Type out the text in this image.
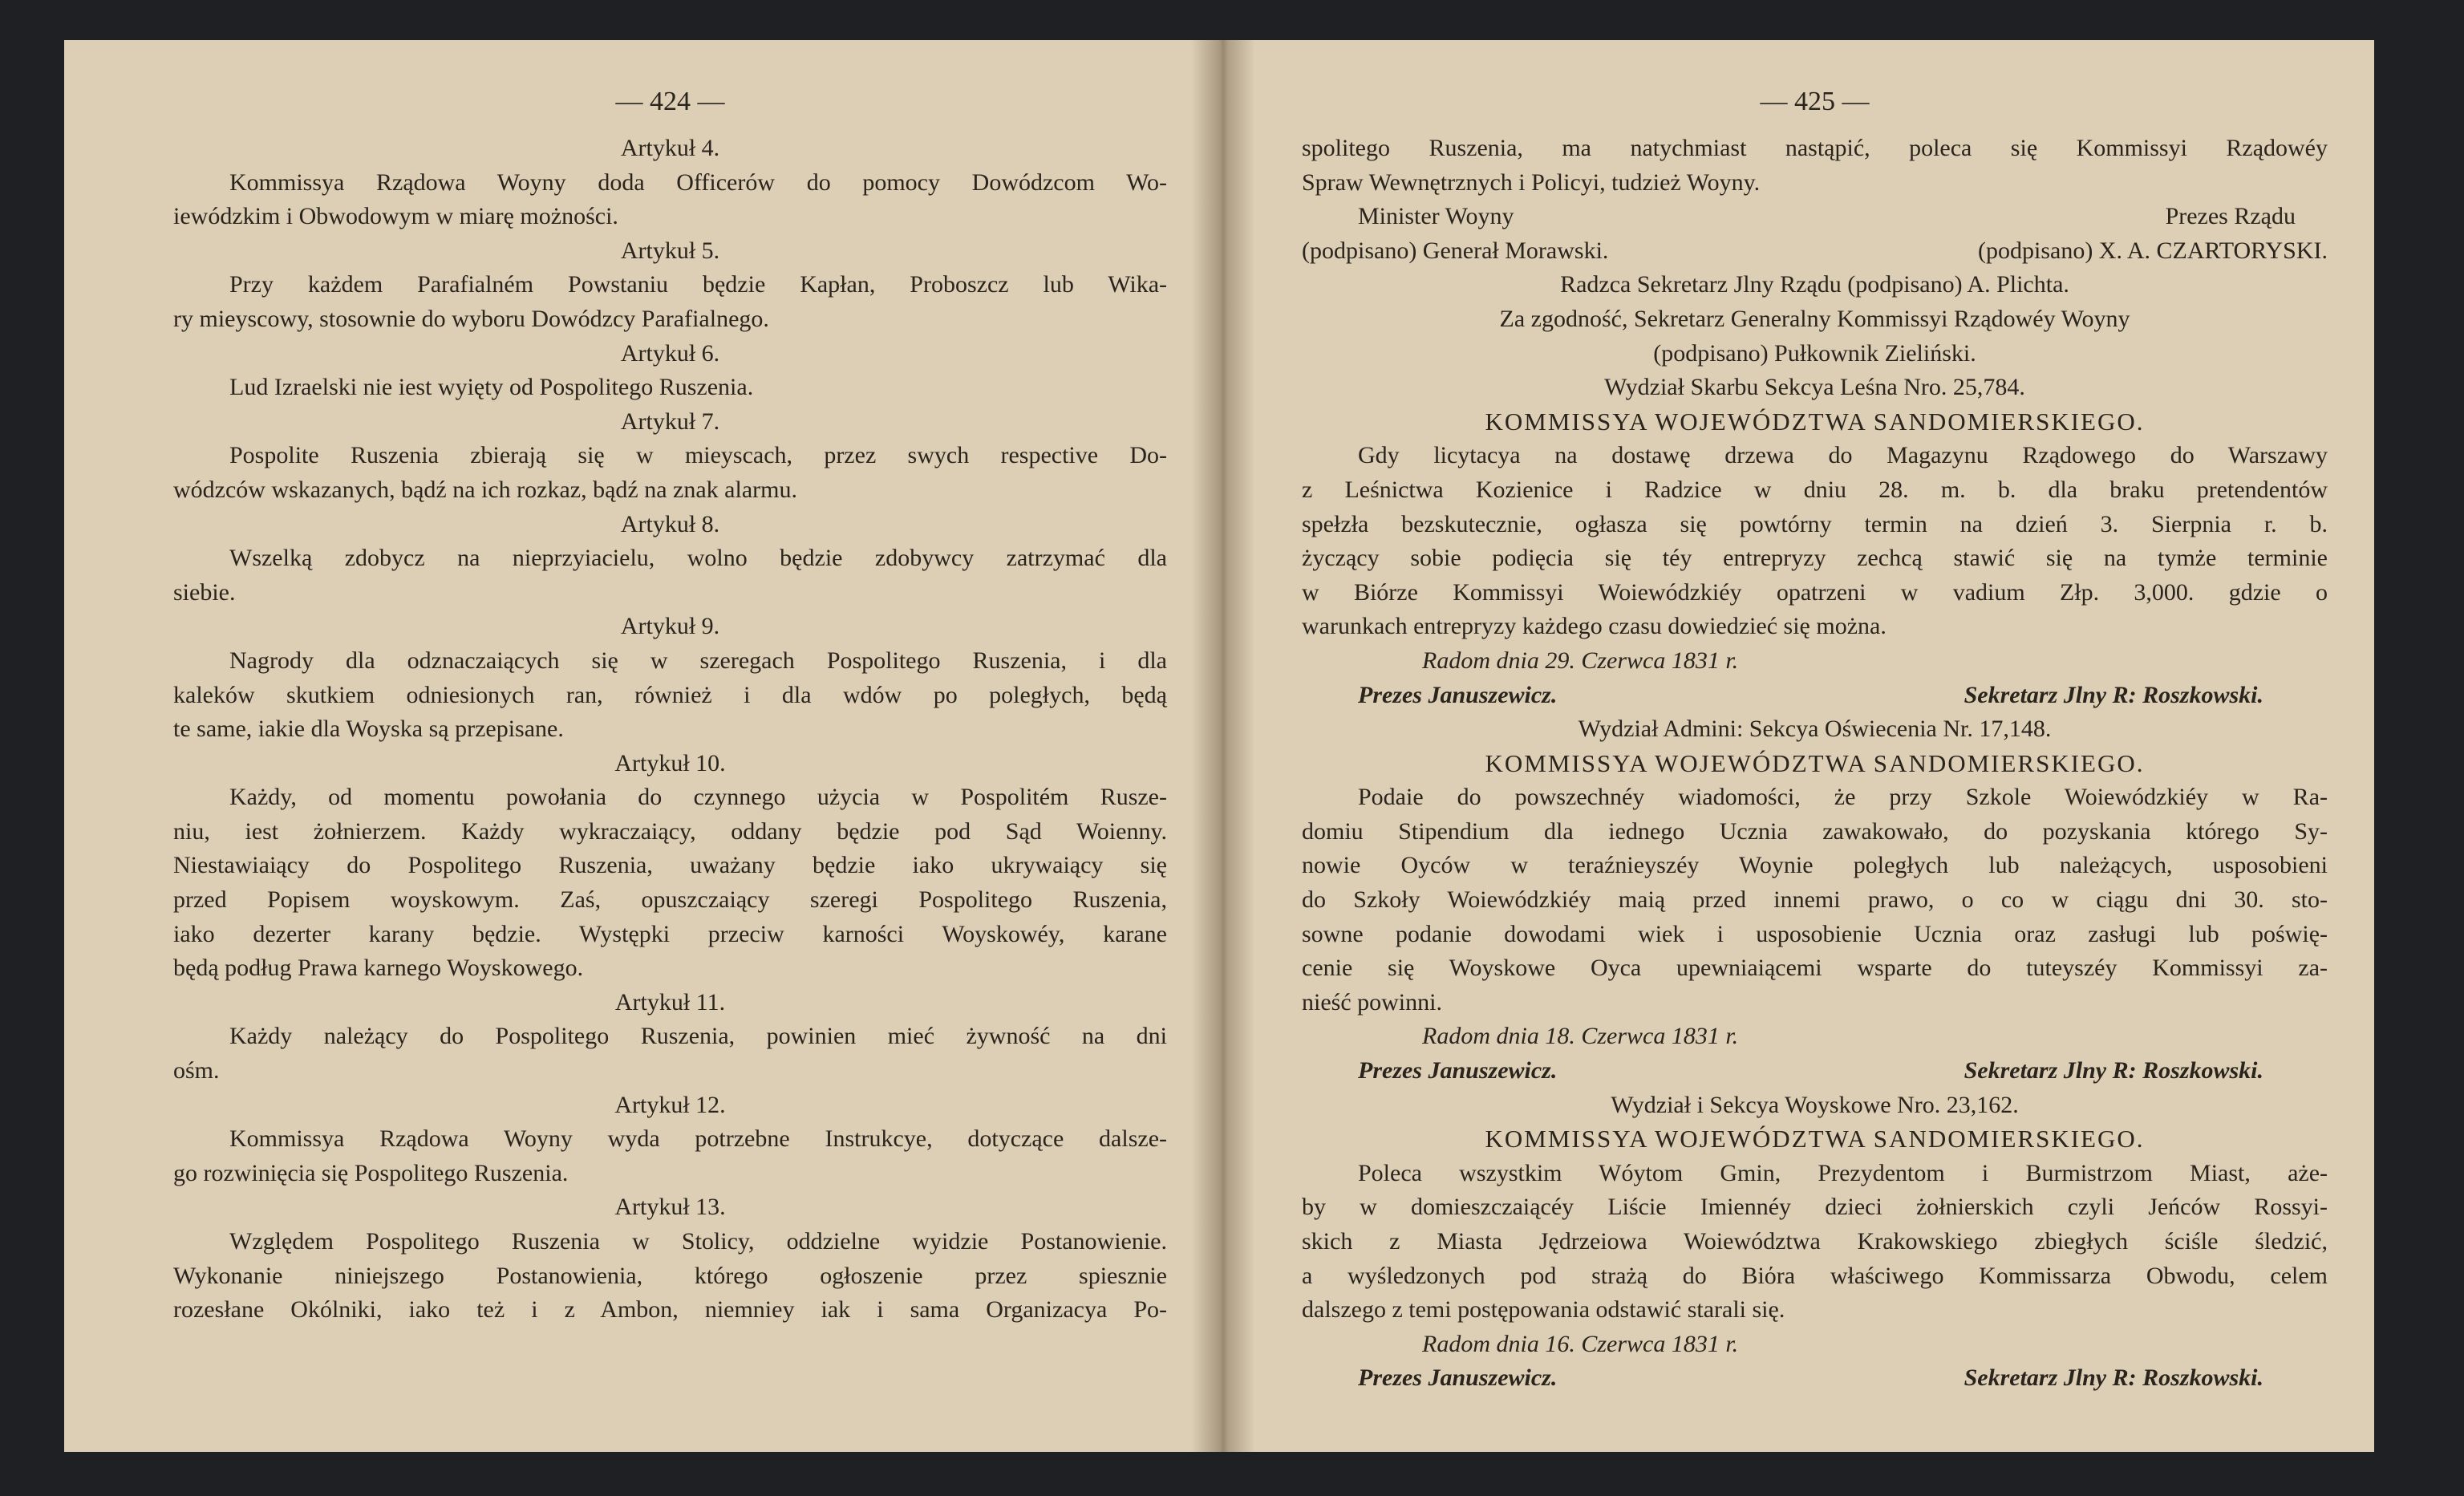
— 424 —
Artykuł 4.
Kommissya Rządowa Woyny doda Officerów do pomocy Dowódzcom Wo-
iewódzkim i Obwodowym w miarę możności.
Artykuł 5.
Przy każdem Parafialném Powstaniu będzie Kapłan, Proboszcz lub Wika-
ry mieyscowy, stosownie do wyboru Dowódzcy Parafialnego.
Artykuł 6.
Lud Izraelski nie iest wyięty od Pospolitego Ruszenia.
Artykuł 7.
Pospolite Ruszenia zbierają się w mieyscach, przez swych respective Do-
wódzców wskazanych, bądź na ich rozkaz, bądź na znak alarmu.
Artykuł 8.
Wszelką zdobycz na nieprzyiacielu, wolno będzie zdobywcy zatrzymać dla
siebie.
Artykuł 9.
Nagrody dla odznaczaiących się w szeregach Pospolitego Ruszenia, i dla
kaleków skutkiem odniesionych ran, również i dla wdów po poległych, będą
te same, iakie dla Woyska są przepisane.
Artykuł 10.
Każdy, od momentu powołania do czynnego użycia w Pospolitém Rusze-
niu, iest żołnierzem. Każdy wykraczaiący, oddany będzie pod Sąd Woienny.
Niestawiaiący do Pospolitego Ruszenia, uważany będzie iako ukrywaiący się
przed Popisem woyskowym. Zaś, opuszczaiący szeregi Pospolitego Ruszenia,
iako dezerter karany będzie. Występki przeciw karności Woyskowéy, karane
będą podług Prawa karnego Woyskowego.
Artykuł 11.
Każdy należący do Pospolitego Ruszenia, powinien mieć żywność na dni
ośm.
Artykuł 12.
Kommissya Rządowa Woyny wyda potrzebne Instrukcye, dotyczące dalsze-
go rozwinięcia się Pospolitego Ruszenia.
Artykuł 13.
Względem Pospolitego Ruszenia w Stolicy, oddzielne wyidzie Postanowienie.
Wykonanie niniejszego Postanowienia, którego ogłoszenie przez spiesznie
rozesłane Okólniki, iako też i z Ambon, niemniey iak i sama Organizacya Po-
— 425 —
spolitego Ruszenia, ma natychmiast nastąpić, poleca się Kommissyi Rządowéy
Spraw Wewnętrznych i Policyi, tudzież Woyny.
Minister Woyny	Prezes Rządu
(podpisano) Generał Morawski.	(podpisano) X. A. CZARTORYSKI.
Radzca Sekretarz Jlny Rządu (podpisano) A. Plichta.
Za zgodność, Sekretarz Generalny Kommissyi Rządowéy Woyny
(podpisano) Pułkownik Zieliński.
Wydział Skarbu Sekcya Leśna Nro. 25,784.
KOMMISSYA WOJEWÓDZTWA SANDOMIERSKIEGO.
Gdy licytacya na dostawę drzewa do Magazynu Rządowego do Warszawy
z Leśnictwa Kozienice i Radzice w dniu 28. m. b. dla braku pretendentów
spełzła bezskutecznie, ogłasza się powtórny termin na dzień 3. Sierpnia r. b.
życzący sobie podięcia się téy entrepryzy zechcą stawić się na tymże terminie
w Biórze Kommissyi Woiewódzkiéy opatrzeni w vadium Złp. 3,000. gdzie o
warunkach entrepryzy każdego czasu dowiedzieć się można.
Radom dnia 29. Czerwca 1831 r.
Prezes Januszewicz.	Sekretarz Jlny R: Roszkowski.
Wydział Admini: Sekcya Oświecenia Nr. 17,148.
KOMMISSYA WOJEWÓDZTWA SANDOMIERSKIEGO.
Podaie do powszechnéy wiadomości, że przy Szkole Woiewódzkiéy w Ra-
domiu Stipendium dla iednego Ucznia zawakowało, do pozyskania którego Sy-
nowie Oyców w teraźnieyszéy Woynie poległych lub należących, usposobieni
do Szkoły Woiewódzkiéy maią przed innemi prawo, o co w ciągu dni 30. sto-
sowne podanie dowodami wiek i usposobienie Ucznia oraz zasługi lub poświę-
cenie się Woyskowe Oyca upewniaiącemi wsparte do tuteyszéy Kommissyi za-
nieść powinni.
Radom dnia 18. Czerwca 1831 r.
Prezes Januszewicz.	Sekretarz Jlny R: Roszkowski.
Wydział i Sekcya Woyskowe Nro. 23,162.
KOMMISSYA WOJEWÓDZTWA SANDOMIERSKIEGO.
Poleca wszystkim Wóytom Gmin, Prezydentom i Burmistrzom Miast, aże-
by w domieszczaiącéy Liście Imiennéy dzieci żołnierskich czyli Jeńców Rossyi-
skich z Miasta Jędrzeiowa Woiewództwa Krakowskiego zbiegłych ściśle śledzić,
a wyśledzonych pod strażą do Biόra właściwego Kommissarza Obwodu, celem
dalszego z temi postępowania odstawić starali się.
Radom dnia 16. Czerwca 1831 r.
Prezes Januszewicz.	Sekretarz Jlny R: Roszkowski.
